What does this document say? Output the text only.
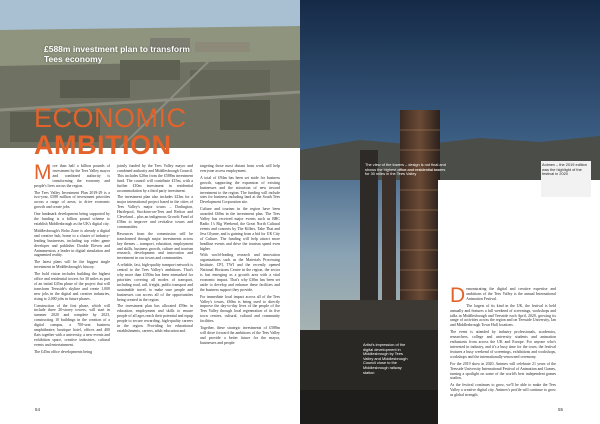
£588m investment plan to transform Tees economy
ECONOMIC
AMBITION

More than half a billion pounds of investment by the Tees Valley mayor and combined authority is transforming the economy and people's lives across the region.

The Tees Valley Investment Plan 2019-29 is a two-year, £588 million of investment priorities across a range of areas, to drive economic growth and create jobs.

One landmark development being supported by the funding is a billion pound scheme to establish Middlesbrough as the UK's digital city.

Middlesbrough's Boho Zone is already a digital and creative hub, home to a cluster of industry-leading businesses, including top video game developer and publisher Double Eleven and Animmersion, a leader in digital simulation and augmented reality.

The latest plans will be the biggest single investment in Middlesbrough's history.

The bold vision includes building the highest office and residential towers for 30 miles as part of an initial £45m phase of the project that will transform Teesside's skyline and create 1,000 new jobs in the digital and creative industries, rising to 2,000 jobs in future phases.

Construction of the first phase, which will include three 20-storey towers, will start in summer 2020 and complete by 2023, constructing 10 buildings in the creation of a digital campus, a 700-seat business amphitheatre, boutique hotel, offices and 400 flats together with a university, a new events and exhibition space, creative industries, cultural events and entertainment.

The £45m office developments being

jointly funded by the Tees Valley mayor and combined authority and Middlesbrough Council. This includes £20m from the £588m investment fund. The council will contribute £15m, with a further £10m investment in residential accommodation by a third party investment.

The investment plan also includes £23m for a major international project based in the cities of Tees Valley's major towns – Darlington, Hartlepool, Stockton-on-Tees and Redcar and Cleveland – plus an indigenous Growth Fund of £56m to improve and revitalise towns and communities.

Resources from the commission will be transformed through major investments across key themes – transport, education, employment and skills, business growth, culture and tourism research, development and innovation and investment in our towns and communities.

A reliable, fast, high-quality transport network is central to the Tees Valley's ambitions. That's why more than £350m has been earmarked for priorities covering all modes of transport, including road, rail, freight, public transport and sustainable travel, to make sure people and businesses can access all of the opportunities being created in the region.

The investment plan has allocated £59m in education, employment and skills to ensure people of all ages reach their potential and equip people to secure rewarding, high-quality careers in the region. Providing for educational establishments, careers, adult education and

targeting those most distant from work will help everyone access employment.

A total of £94m has been set aside for business growth, supporting the expansion of existing businesses and the attraction of new inward investment to the region. The funding will include sites for business including land at the South Tees Development Corporation site.

Culture and tourism in the region have been awarded £60m in the investment plan. The Tees Valley has received major events such as BBC Radio 1's Big Weekend, the Great North Cultural events and concerts by The Killers, Take That and Jess Glynne, and is gaining from a bid for UK City of Culture. The funding will help attract more headline events and drive the tourism spend even higher.

With world-leading research and innovation organisations such as the Materials Processing Institute, CPI, TWI and the recently opened National Horizons Centre in the region, the sector is fast emerging as a growth area with a vital economic impact. That's why £30m has been set aside to develop and enhance these facilities and the business support they provide.

For immediate local impact across all of the Tees Valley's towns, £60m is being used to directly improve the day-to-day lives of the people of the Tees Valley through local regeneration of its five town centres, cultural, cultural and community facilities.

Together, these strategic investments of £588m will drive forward the ambitions of the Tees Valley and provide a better future for the mayor, businesses and people.

54
The view of the towers – design is not final and shows the highest office and residential towers for 30 miles in the Tees Valley
Animex – the 2019 edition was the highlight of the festival in 2020
The bold vision includes building the highest office and residential towers for 30 miles as part of an initial £45m phase of the project that will transform Teesside's skyline
Artist's impression of the digital development in Middlesbrough by Tees Valley and Middlesbrough Council close to the Middlesbrough railway station

Demonstrating the digital and creative expertise and ambitions of the Tees Valley is the annual International Animation Festival.

The largest of its kind in the UK, the festival is held annually and features a full weekend of screenings, workshops and talks in Middlesbrough and Teesside each April, 2020, growing its range of activities across the region and on Teesside University, Ian and Middlesbrough Town Hall locations.

The event is attended by industry professionals, academics, researchers, college and university students and animation enthusiasts from across the UK and Europe. For anyone who's interested in industry, and it's a busy time for the town, the festival features a busy weekend of screenings, exhibitions and workshops, workshops and the internationally-renowned ceremony.

For the 2019 show in 2020, Animex will celebrate 21 years of the Teesside University International Festival of Animation and Games, turning a spotlight on some of the world's best independent games studios.

As the festival continues to grow, we'll be able to make the Tees Valley a creative digital city. Animex's profile will continue to grow as global strength.

55
